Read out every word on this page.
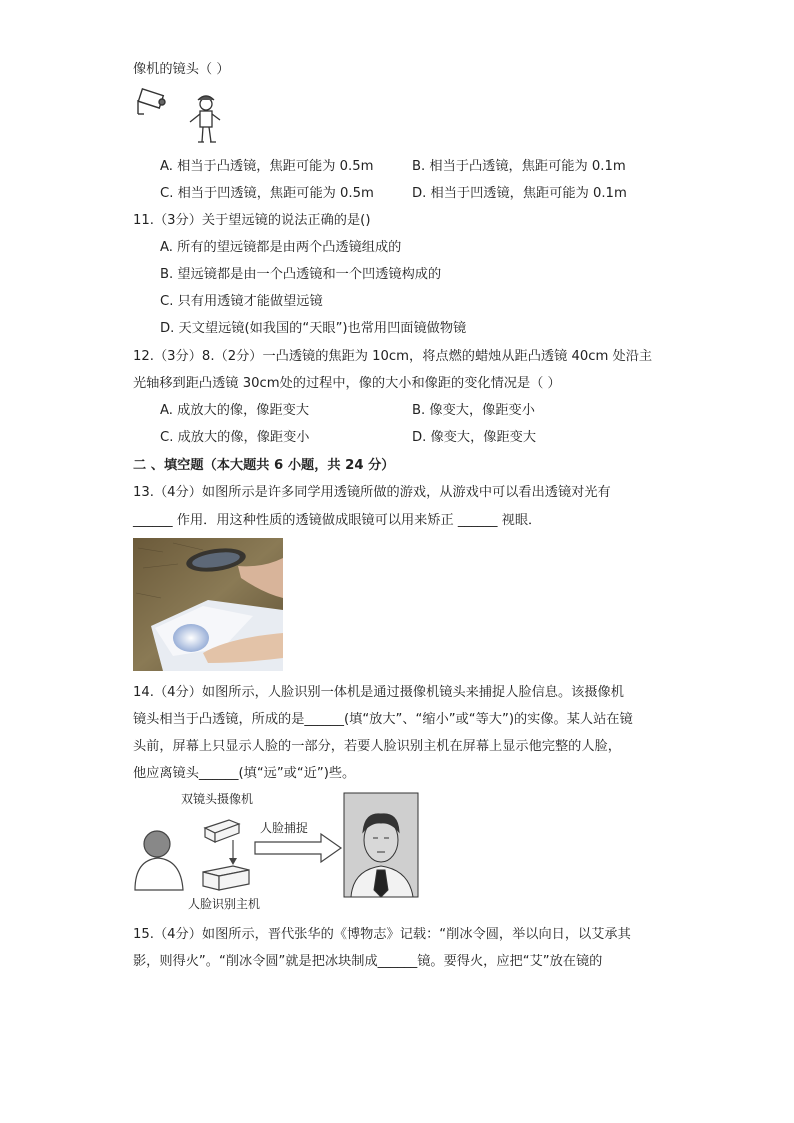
像机的镜头（ ）
A. 相当于凸透镜，焦距可能为 0.5m	B. 相当于凸透镜，焦距可能为 0.1m
C. 相当于凹透镜，焦距可能为 0.5m	D. 相当于凹透镜，焦距可能为 0.1m
11.（3分）关于望远镜的说法正确的是()
A. 所有的望远镜都是由两个凸透镜组成的
B. 望远镜都是由一个凸透镜和一个凹透镜构成的
C. 只有用透镜才能做望远镜
D. 天文望远镜(如我国的“天眼”)也常用凹面镜做物镜
12.（3分）8.（2分）一凸透镜的焦距为 10cm，将点燃的蜡烛从距凸透镜 40cm 处沿主
光轴移到距凸透镜 30cm处的过程中，像的大小和像距的变化情况是（ ）
A. 成放大的像，像距变大	B. 像变大，像距变小
C. 成放大的像，像距变小	D. 像变大，像距变大
二 、填空题（本大题共 6 小题，共 24 分）
13.（4分）如图所示是许多同学用透镜所做的游戏，从游戏中可以看出透镜对光有
______ 作用．用这种性质的透镜做成眼镜可以用来矫正 ______ 视眼．
14.（4分）如图所示，人脸识别一体机是通过摄像机镜头来捕捉人脸信息。该摄像机
镜头相当于凸透镜，所成的是______(填“放大”、“缩小”或“等大”)的实像。某人站在镜
头前，屏幕上只显示人脸的一部分，若要人脸识别主机在屏幕上显示他完整的人脸，
他应离镜头______(填“远”或“近”)些。
双镜头摄像机
人脸捕捉
人脸识别主机
15.（4分）如图所示，晋代张华的《博物志》记载：“削冰令圆，举以向日，以艾承其
影，则得火”。“削冰令圆”就是把冰块制成______镜。要得火，应把“艾”放在镜的
